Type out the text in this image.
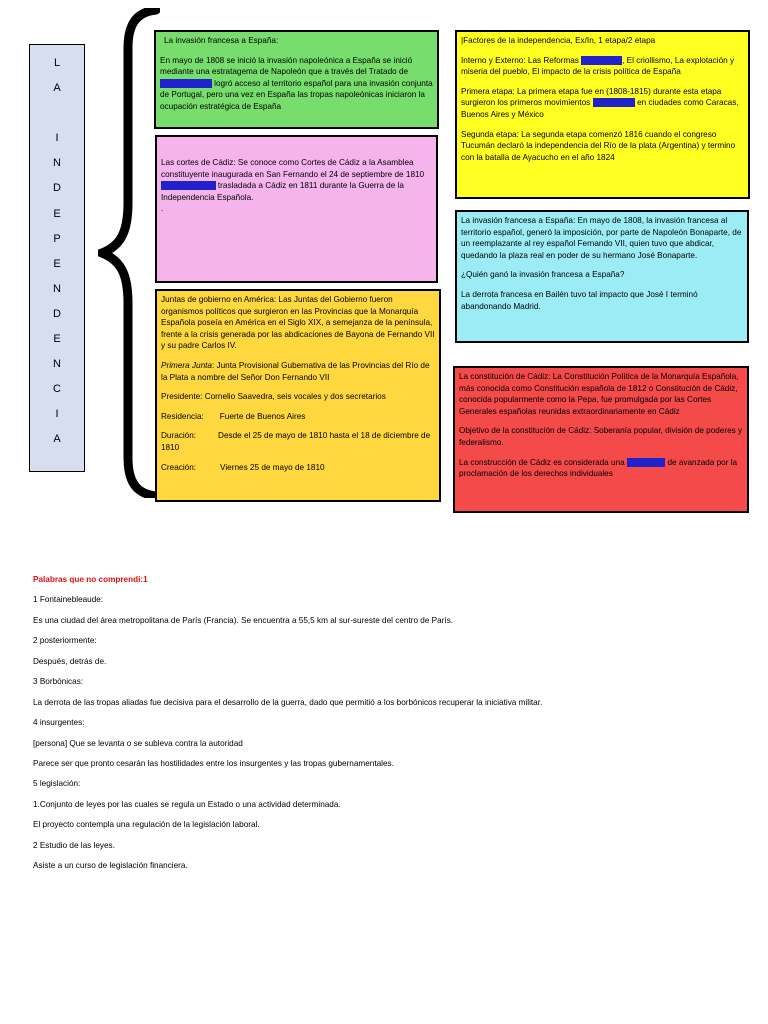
L
A
I
N
D
E
P
E
N
D
E
N
C
I
A

La invasión francesa a España:

En mayo de 1808 se inició la invasión napoleónica a España se inició mediante una estratagema de Napoleón que a través del Tratado de Fontainebleau logró acceso al territorio español para una invasión conjunta de Portugal, pero una vez en España las tropas napoleónicas iniciaron la ocupación estratégica de España

Las cortes de Cádiz: Se conoce como Cortes de Cádiz a la Asamblea constituyente inaugurada en San Fernando el 24 de septiembre de 1810 posteriormente trasladada a Cádiz en 1811 durante la Guerra de la Independencia Española.

.

Juntas de gobierno en América: Las Juntas del Gobierno fueron organismos políticos que surgieron en las Provincias que la Monarquía Española poseía en América en el Siglo XIX, a semejanza de la península, frente a la crisis generada por las abdicaciones de Bayona de Fernando VII y su padre Carlos IV.

Primera Junta: Junta Provisional Gubernativa de las Provincias del Río de la Plata a nombre del Señor Don Fernando VII

Presidente: Cornelio Saavedra, seis vocales y dos secretarios

Residencia: Fuerte de Buenos Aires

Duración:	Desde el 25 de mayo de 1810 hasta el 18 de diciembre de 1810

Creación:	Viernes 25 de mayo de 1810

|Factores de la independencia, Ex/In, 1 etapa/2 etapa

Interno y Externo: Las Reformas Borbónicas, El criollismo, La explotación y miseria del pueblo, El impacto de la crisis política de España

Primera etapa: La primera etapa fue en (1808-1815) durante esta etapa surgieron los primeros movimientos insurgentes en ciudades como Caracas, Buenos Aires y México

Segunda etapa: La segunda etapa comenzó 1816 cuando el congreso Tucumán declaró la independencia del Río de la plata (Argentina) y termino con la batalla de Ayacucho en el año 1824

La invasión francesa a España: En mayo de 1808, la invasión francesa al territorio español, generó la imposición, por parte de Napoleón Bonaparte, de un reemplazante al rey español Fernando VII, quien tuvo que abdicar, quedando la plaza real en poder de su hermano José Bonaparte.

¿Quién ganó la invasión francesa a España?

La derrota francesa en Bailén tuvo tal impacto que José I terminó abandonando Madrid.

La constitución de Cádiz: La Constitución Política de la Monarquía Española, más conocida como Constitución española de 1812 o Constitución de Cádiz, conocida popularmente como la Pepa, fue promulgada por las Cortes Generales españolas reunidas extraordinariamente en Cádiz

Objetivo de la constitución de Cádiz: Soberanía popular, división de poderes y federalismo.

La construcción de Cádiz es considerada una legislación de avanzada por la proclamación de los derechos individuales

Palabras que no comprendi:1

1 Fontainebleaude:

Es una ciudad del área metropolitana de París (Francia). Se encuentra a 55,5 km al sur-sureste del centro de París.

2 posteriormente:

Después, detrás de.

3 Borbónicas:

La derrota de las tropas aliadas fue decisiva para el desarrollo de la guerra, dado que permitió a los borbónicos recuperar la iniciativa militar.

4 insurgentes:

[persona] Que se levanta o se subleva contra la autoridad

Parece ser que pronto cesarán las hostilidades entre los insurgentes y las tropas gubernamentales.

5 legislación:

1.Conjunto de leyes por las cuales se regula un Estado o una actividad determinada.

El proyecto contempla una regulación de la legislación laboral.

2 Estudio de las leyes.

Asiste a un curso de legislación financiera.
